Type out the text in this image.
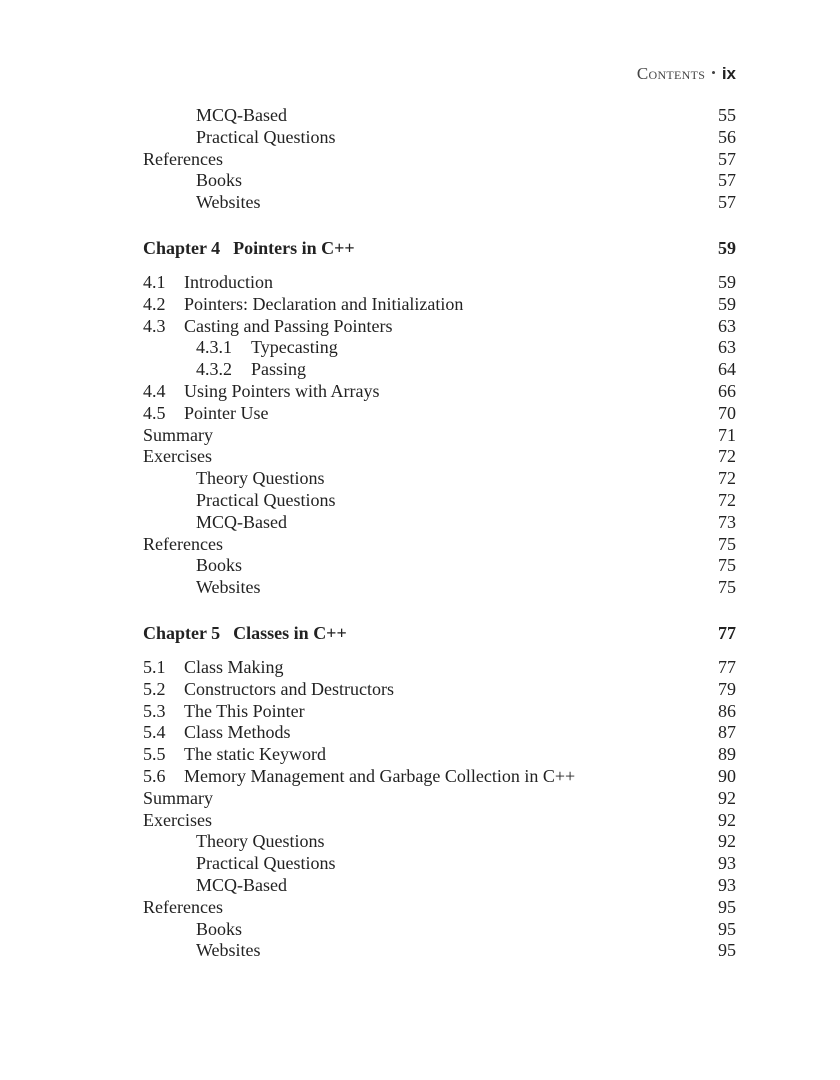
Contents • ix
MCQ-Based	55
Practical Questions	56
References	57
Books	57
Websites	57
Chapter 4 Pointers in C++	59
4.1 Introduction	59
4.2 Pointers: Declaration and Initialization	59
4.3 Casting and Passing Pointers	63
4.3.1 Typecasting	63
4.3.2 Passing	64
4.4 Using Pointers with Arrays	66
4.5 Pointer Use	70
Summary	71
Exercises	72
Theory Questions	72
Practical Questions	72
MCQ-Based	73
References	75
Books	75
Websites	75
Chapter 5 Classes in C++	77
5.1 Class Making	77
5.2 Constructors and Destructors	79
5.3 The This Pointer	86
5.4 Class Methods	87
5.5 The static Keyword	89
5.6 Memory Management and Garbage Collection in C++	90
Summary	92
Exercises	92
Theory Questions	92
Practical Questions	93
MCQ-Based	93
References	95
Books	95
Websites	95
